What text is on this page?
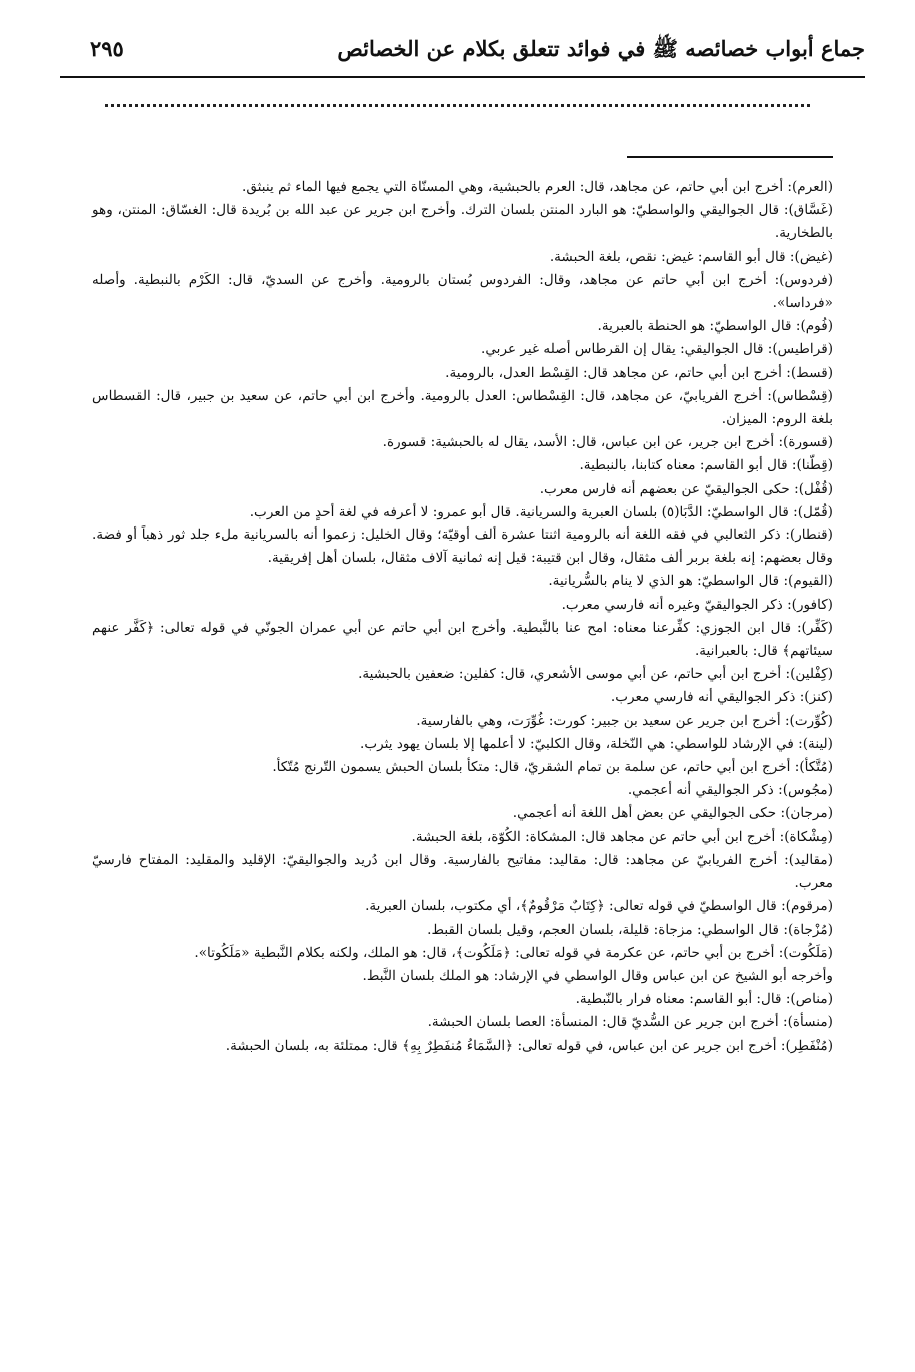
جماع أبواب خصائصه ﷺ في فوائد تتعلق بكلام عن الخصائص
٢٩٥

(العرم): أخرج ابن أبي حاتم، عن مجاهد، قال: العرم بالحبشية، وهي المسنّاة التي يجمع فيها الماء ثم ينبثق.

(غَسَّاق): قال الجواليقي والواسطيّ: هو البارد المنتن بلسان الترك. وأخرج ابن جرير عن عبد الله بن بُريدة قال: الغسّاق: المنتن، وهو بالطخارية.

(غيض): قال أبو القاسم: غيض: نقص، بلغة الحبشة.

(فردوس): أخرج ابن أبي حاتم عن مجاهد، وقال: الفردوس بُستان بالرومية. وأخرج عن السديّ، قال: الكَرْم بالنبطية. وأصله «فرداسا».

(فُوم): قال الواسطيّ: هو الحنطة بالعبرية.

(قراطيس): قال الجواليقي: يقال إن القرطاس أصله غير عربي.

(قسط): أخرج ابن أبي حاتم، عن مجاهد قال: القِسْط العدل، بالرومية.

(قِسْطاس): أخرج الفريابيّ، عن مجاهد، قال: القِسْطاس: العدل بالرومية. وأخرج ابن أبي حاتم، عن سعيد بن جبير، قال: القسطاس بلغة الروم: الميزان.

(قسورة): أخرج ابن جرير، عن ابن عباس، قال: الأسد، يقال له بالحبشية: قسورة.

(قِطّنا): قال أبو القاسم: معناه كتابنا، بالنبطية.

(قُفْل): حكى الجواليقيّ عن بعضهم أنه فارس معرب.

(قُمّل): قال الواسطيّ: الدَّبَا(٥) بلسان العبرية والسريانية. قال أبو عمرو: لا أعرفه في لغة أحدٍ من العرب.

(قنطار): ذكر الثعالبي في فقه اللغة أنه بالرومية اثنتا عشرة ألف أوقيّة؛ وقال الخليل: زعموا أنه بالسريانية ملء جلد ثور ذهباً أو فضة. وقال بعضهم: إنه بلغة بربر ألف مثقال، وقال ابن قتيبة: قيل إنه ثمانية آلاف مثقال، بلسان أهل إفريقية.

(القيوم): قال الواسطيّ: هو الذي لا ينام بالسُّريانية.

(كافور): ذكر الجواليقيّ وغيره أنه فارسي معرب.

(كَفِّر): قال ابن الجوزي: كفِّرعنا معناه: امح عنا بالنَّبطية. وأخرج ابن أبي حاتم عن أبي عمران الجونّي في قوله تعالى: ﴿كَفَّر عنهم سيئاتهم﴾ قال: بالعبرانية.

(كِفْلين): أخرج ابن أبي حاتم، عن أبي موسى الأشعري، قال: كفلين: ضعفين بالحبشية.

(كنز): ذكر الجواليقي أنه فارسي معرب.

(كُوِّرت): أخرج ابن جرير عن سعيد بن جبير: كورت: غُوِّرَت، وهي بالفارسية.

(لينة): في الإرشاد للواسطي: هي النّخلة، وقال الكلبيّ: لا أعلمها إلا بلسان يهود يثرب.

(مُتَّكأ): أخرج ابن أبي حاتم، عن سلمة بن تمام الشقريّ، قال: متكأ بلسان الحبش يسمون التّرنج مُتّكأ.

(مجُوس): ذكر الجواليقي أنه أعجمي.

(مرجان): حكى الجواليقي عن بعض أهل اللغة أنه أعجمي.

(مِشْكاة): أخرج ابن أبي حاتم عن مجاهد قال: المشكاة: الكُوّة، بلغة الحبشة.

(مقاليد): أخرج الفريابيّ عن مجاهد: قال: مقاليد: مفاتيح بالفارسية. وقال ابن دُريد والجواليقيّ: الإقليد والمقليد: المفتاح فارسيّ معرب.

(مرقوم): قال الواسطيّ في قوله تعالى: ﴿كِتَابٌ مَرْقُومٌ﴾، أي مكتوب، بلسان العبرية.

(مُزْجاة): قال الواسطي: مزجاة: قليلة، بلسان العجم، وقيل بلسان القبط.

(مَلَكُوت): أخرج بن أبي حاتم، عن عكرمة في قوله تعالى: ﴿مَلَكُوت﴾، قال: هو الملك، ولكنه بكلام النَّبطية «مَلَكُوتا».

وأخرجه أبو الشيخ عن ابن عباس وقال الواسطي في الإرشاد: هو الملك بلسان النَّبط.

(مناص): قال: أبو القاسم: معناه فرار بالنّبطية.

(منسأة): أخرج ابن جرير عن السُّديّ قال: المنسأة: العصا بلسان الحبشة.

(مُنْفَطِر): أخرج ابن جرير عن ابن عباس، في قوله تعالى: ﴿السَّمَاءُ مُنفَطِرٌ بِهِ﴾ قال: ممتلئة به، بلسان الحبشة.
